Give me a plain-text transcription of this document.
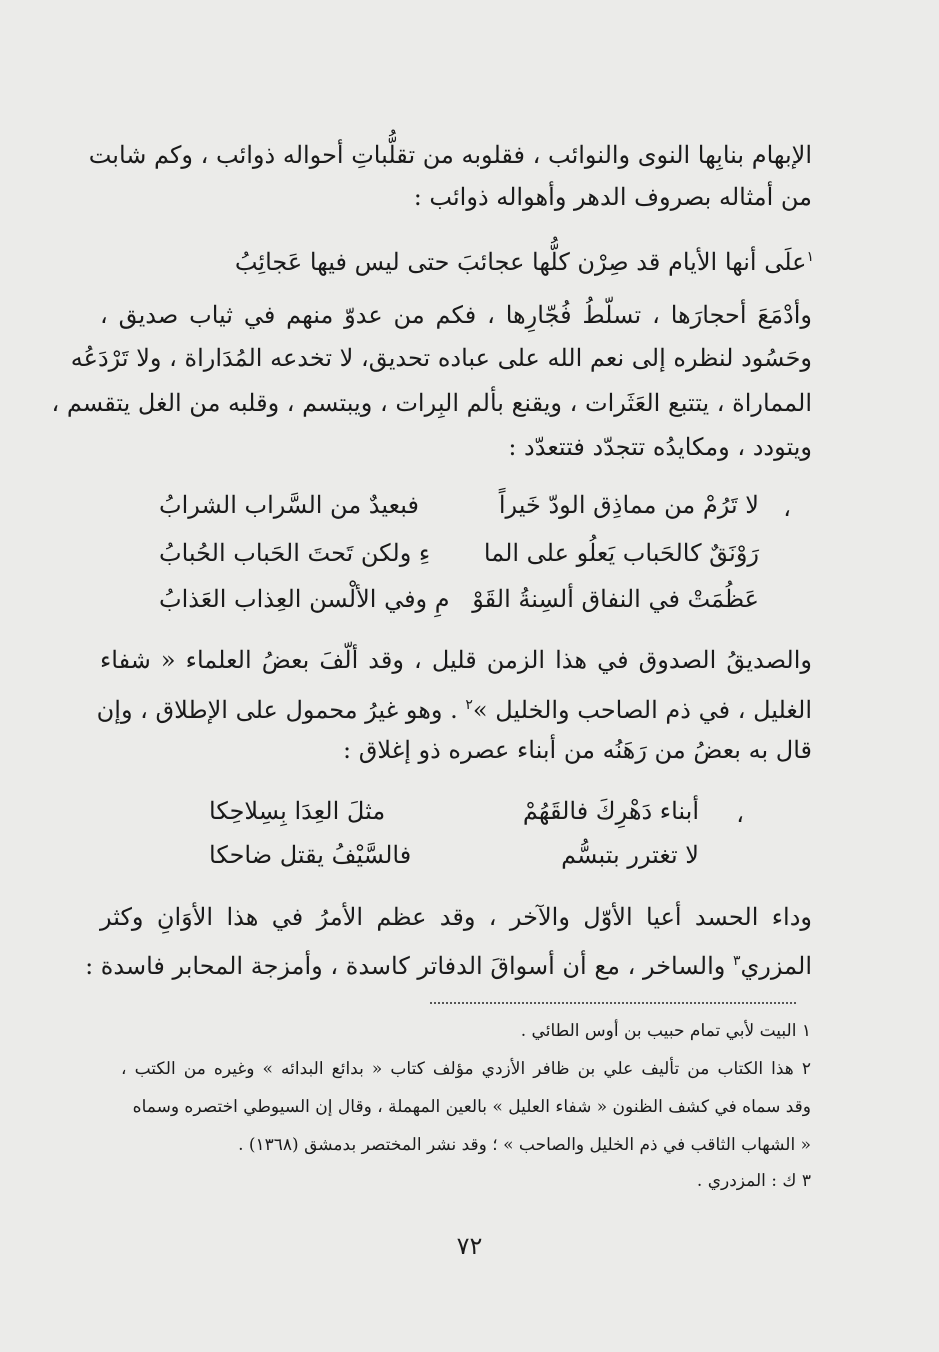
الإبهام بنابِها النوى والنوائب ، فقلوبه من تقلُّباتِ أحواله ذوائب ، وكم شابت
من أمثاله بصروف الدهر وأهواله ذوائب :
$^١$علَى أنها الأيام قد صِرْن كلُّها عجائبَ حتى ليس فيها عَجائِبُ
وأدْمَعَ أحجارَها ، تسلّطُ فُجّارِها ، فكم من عدوّ منهم في ثياب صديق ،
وحَسُود لنظره إلى نعم الله على عباده تحديق، لا تخدعه المُدَاراة ، ولا تَرْدَعُه
المماراة ، يتتبع العَثَرات ، ويقنع بألم البِرات ، ويبتسم ، وقلبه من الغل يتقسم ،
ويتودد ، ومكايدُه تتجدّد فتتعدّد :
،
لا تَرُمْ من مماذِق الودّ خَيراً
فبعيدٌ من السَّراب الشرابُ
رَوْنَقٌ كالحَباب يَعلُو على الما
ءِ ولكن تَحتَ الحَباب الحُبابُ
عَظُمَتْ في النفاق ألسِنةُ القَوْ
مِ وفي الألْسن العِذاب العَذابُ
والصديقُ الصدوق في هذا الزمن قليل ، وقد ألّفَ بعضُ العلماء « شفاء
الغليل ، في ذم الصاحب والخليل »$^٢$ . وهو غيرُ محمول على الإطلاق ، وإن
قال به بعضُ من رَهَنُه من أبناء عصره ذو إغلاق :
،
أبناء دَهْرِكَ فالقَهُمْ
مثلَ العِدَا بِسِلاحِكا
لا تغترر بتبسُّم
فالسَّيْفُ يقتل ضاحكا
وداء الحسد أعيا الأوّل والآخر ، وقد عظم الأمرُ في هذا الأوَانِ وكثر
المزري$^٣$ والساخر ، مع أن أسواقَ الدفاتر كاسدة ، وأمزجة المحابر فاسدة :
١ البيت لأبي تمام حبيب بن أوس الطائي .
٢ هذا الكتاب من تأليف علي بن ظافر الأزدي مؤلف كتاب « بدائع البدائه » وغيره من الكتب ،
وقد سماه في كشف الظنون « شفاء العليل » بالعين المهملة ، وقال إن السيوطي اختصره وسماه
« الشهاب الثاقب في ذم الخليل والصاحب » ؛ وقد نشر المختصر بدمشق (١٣٦٨) .
٣ ك : المزدري .
٧٢
